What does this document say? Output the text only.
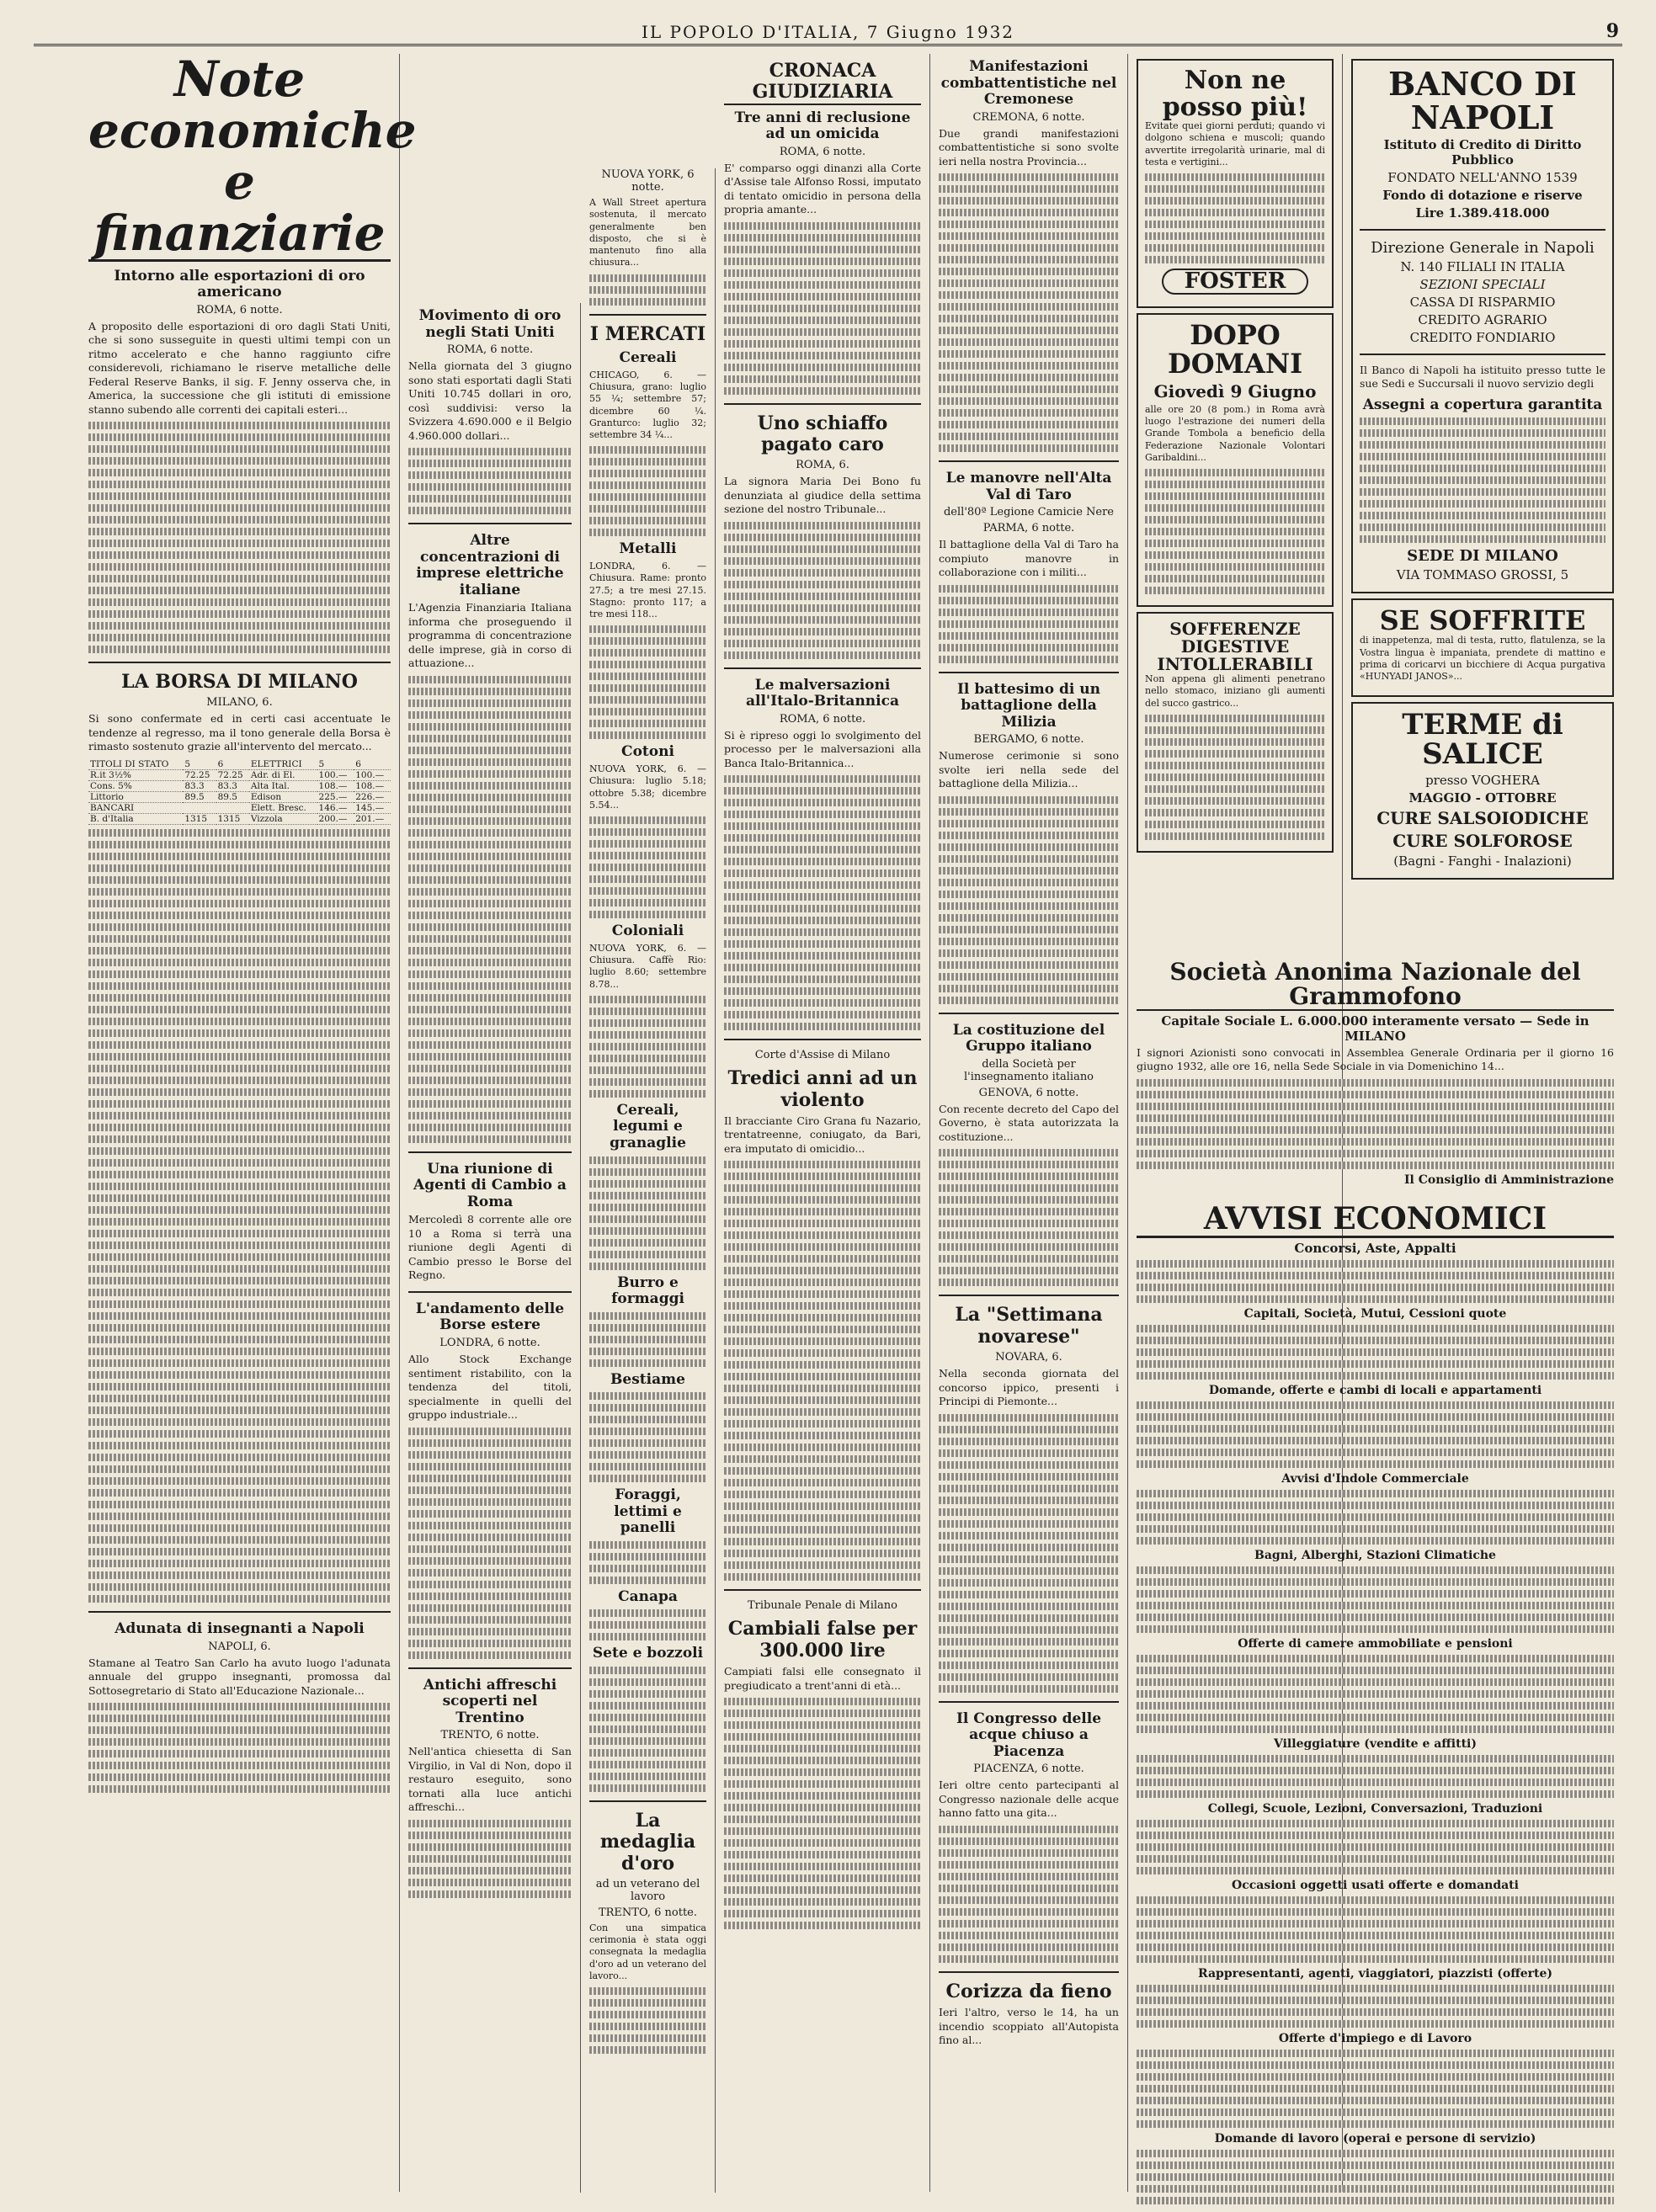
IL POPOLO D'ITALIA, 7 Giugno 1932	9
Note economiche e finanziarie
Intorno alle esportazioni di oro americano
ROMA, 6 notte.

A proposito delle esportazioni di oro dagli Stati Uniti, che si sono susseguite in questi ultimi tempi con un ritmo accelerato e che hanno raggiunto cifre considerevoli, richiamano le riserve metalliche delle Federal Reserve Banks, il sig. F. Jenny osserva che, in America, la successione che gli istituti di emissione stanno subendo alle correnti dei capitali esteri...

LA BORSA DI MILANO
MILANO, 6.

Si sono confermate ed in certi casi accentuate le tendenze al regresso, ma il tono generale della Borsa è rimasto sostenuto grazie all'intervento del mercato...

TITOLI DI STATO	5	6	ELETTRICI	5	6
R.it 3½%	72.25	72.25	Adr. di El.	100.—	100.—
Cons. 5%	83.3	83.3	Alta Ital.	108.—	108.—
Littorio	89.5	89.5	Edison	225.—	226.—
BANCARI			Elett. Bresc.	146.—	145.—
B. d'Italia	1315	1315	Vizzola	200.—	201.—
Adunata di insegnanti a Napoli
NAPOLI, 6.

Stamane al Teatro San Carlo ha avuto luogo l'adunata annuale del gruppo insegnanti, promossa dal Sottosegretario di Stato all'Educazione Nazionale...

Movimento di oro negli Stati Uniti
ROMA, 6 notte.

Nella giornata del 3 giugno sono stati esportati dagli Stati Uniti 10.745 dollari in oro, così suddivisi: verso la Svizzera 4.690.000 e il Belgio 4.960.000 dollari...

Altre concentrazioni di imprese elettriche italiane

L'Agenzia Finanziaria Italiana informa che proseguendo il programma di concentrazione delle imprese, già in corso di attuazione...

Una riunione di Agenti di Cambio a Roma

Mercoledì 8 corrente alle ore 10 a Roma si terrà una riunione degli Agenti di Cambio presso le Borse del Regno.

L'andamento delle Borse estere
LONDRA, 6 notte.

Allo Stock Exchange sentiment ristabilito, con la tendenza del titoli, specialmente in quelli del gruppo industriale...

Antichi affreschi scoperti nel Trentino
TRENTO, 6 notte.

Nell'antica chiesetta di San Virgilio, in Val di Non, dopo il restauro eseguito, sono tornati alla luce antichi affreschi...

NUOVA YORK, 6 notte.

A Wall Street apertura sostenuta, il mercato generalmente ben disposto, che si è mantenuto fino alla chiusura...

I MERCATI
Cereali

CHICAGO, 6. — Chiusura, grano: luglio 55 ¼; settembre 57; dicembre 60 ¼. Granturco: luglio 32; settembre 34 ¼...

Metalli

LONDRA, 6. — Chiusura. Rame: pronto 27.5; a tre mesi 27.15. Stagno: pronto 117; a tre mesi 118...

Cotoni

NUOVA YORK, 6. — Chiusura: luglio 5.18; ottobre 5.38; dicembre 5.54...

Coloniali

NUOVA YORK, 6. — Chiusura. Caffè Rio: luglio 8.60; settembre 8.78...

Cereali, legumi e granaglie
Burro e formaggi
Bestiame
Foraggi, lettimi e panelli
Canapa
Sete e bozzoli
La medaglia d'oro
ad un veterano del lavoro
TRENTO, 6 notte.

Con una simpatica cerimonia è stata oggi consegnata la medaglia d'oro ad un veterano del lavoro...

CRONACA GIUDIZIARIA
Tre anni di reclusione ad un omicida
ROMA, 6 notte.

E' comparso oggi dinanzi alla Corte d'Assise tale Alfonso Rossi, imputato di tentato omicidio in persona della propria amante...

Uno schiaffo pagato caro
ROMA, 6.

La signora Maria Dei Bono fu denunziata al giudice della settima sezione del nostro Tribunale...

Le malversazioni all'Italo-Britannica
ROMA, 6 notte.

Si è ripreso oggi lo svolgimento del processo per le malversazioni alla Banca Italo-Britannica...

Corte d'Assise di Milano
Tredici anni ad un violento

Il bracciante Ciro Grana fu Nazario, trentatreenne, coniugato, da Bari, era imputato di omicidio...

Tribunale Penale di Milano
Cambiali false per 300.000 lire

Campiati falsi elle consegnato il pregiudicato a trent'anni di età...

Manifestazioni combattentistiche nel Cremonese
CREMONA, 6 notte.

Due grandi manifestazioni combattentistiche si sono svolte ieri nella nostra Provincia...

Le manovre nell'Alta Val di Taro
dell'80ª Legione Camicie Nere
PARMA, 6 notte.

Il battaglione della Val di Taro ha compiuto manovre in collaborazione con i militi...

Il battesimo di un battaglione della Milizia
BERGAMO, 6 notte.

Numerose cerimonie si sono svolte ieri nella sede del battaglione della Milizia...

La costituzione del Gruppo italiano
della Società per l'insegnamento italiano
GENOVA, 6 notte.

Con recente decreto del Capo del Governo, è stata autorizzata la costituzione...

La "Settimana novarese"
NOVARA, 6.

Nella seconda giornata del concorso ippico, presenti i Principi di Piemonte...

Il Congresso delle acque chiuso a Piacenza
PIACENZA, 6 notte.

Ieri oltre cento partecipanti al Congresso nazionale delle acque hanno fatto una gita...

Corizza da fieno

Ieri l'altro, verso le 14, ha un incendio scoppiato all'Autopista fino al...

Non ne posso più!

Evitate quei giorni perduti; quando vi dolgono schiena e muscoli; quando avvertite irregolarità urinarie, mal di testa e vertigini...

FOSTER
DOPO DOMANI
Giovedì 9 Giugno

alle ore 20 (8 pom.) in Roma avrà luogo l'estrazione dei numeri della Grande Tombola a beneficio della Federazione Nazionale Volontari Garibaldini...

SOFFERENZE DIGESTIVE INTOLLERABILI

Non appena gli alimenti penetrano nello stomaco, iniziano gli aumenti del succo gastrico...

Società Anonima Nazionale del Grammofono
Capitale Sociale L. 6.000.000 interamente versato — Sede in MILANO

I signori Azionisti sono convocati in Assemblea Generale Ordinaria per il giorno 16 giugno 1932, alle ore 16, nella Sede Sociale in via Domenichino 14...

Il Consiglio di Amministrazione
AVVISI ECONOMICI
Concorsi, Aste, Appalti
Capitali, Società, Mutui, Cessioni quote
Domande, offerte e cambi di locali e appartamenti
Avvisi d'Indole Commerciale
Bagni, Alberghi, Stazioni Climatiche
Offerte di camere ammobiliate e pensioni
Villeggiature (vendite e affitti)
Collegi, Scuole, Lezioni, Conversazioni, Traduzioni
Occasioni oggetti usati offerte e domandati
Rappresentanti, agenti, viaggiatori, piazzisti (offerte)
Offerte d'impiego e di Lavoro
Domande di lavoro (operai e persone di servizio)
BANCO DI NAPOLI
Istituto di Credito di Diritto Pubblico
FONDATO NELL'ANNO 1539
Fondo di dotazione e riserve
Lire 1.389.418.000
Direzione Generale in Napoli
N. 140 FILIALI IN ITALIA
SEZIONI SPECIALI
CASSA DI RISPARMIO
CREDITO AGRARIO
CREDITO FONDIARIO

Il Banco di Napoli ha istituito presso tutte le sue Sedi e Succursali il nuovo servizio degli

Assegni a copertura garantita
SEDE DI MILANO
VIA TOMMASO GROSSI, 5
SE SOFFRITE

di inappetenza, mal di testa, rutto, flatulenza, se la Vostra lingua è impaniata, prendete di mattino e prima di coricarvi un bicchiere di Acqua purgativa «HUNYADI JANOS»...

TERME di SALICE
presso VOGHERA
MAGGIO - OTTOBRE
CURE SALSOIODICHE
CURE SOLFOROSE
(Bagni - Fanghi - Inalazioni)
